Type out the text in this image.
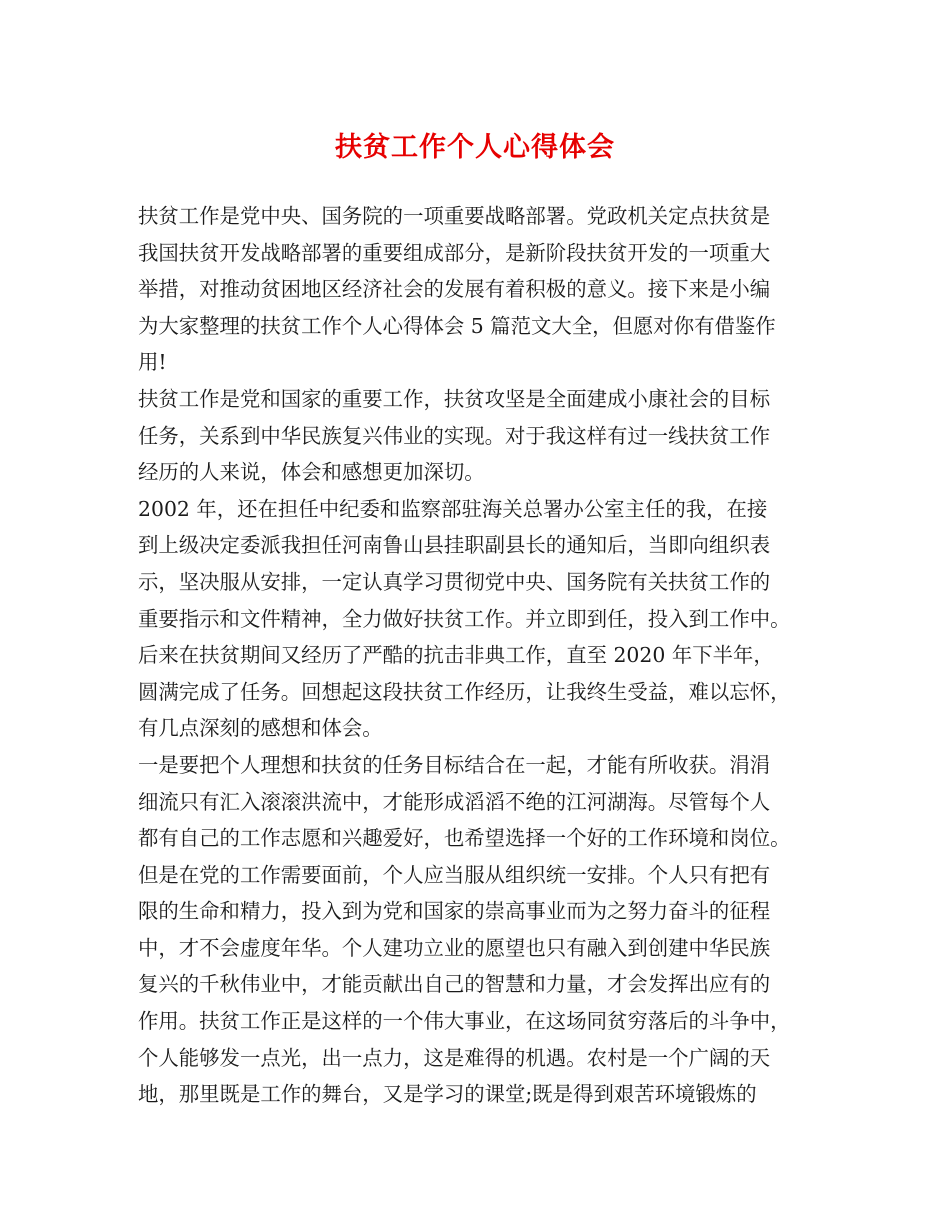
扶贫工作个人心得体会
扶贫工作是党中央、国务院的一项重要战略部署。党政机关定点扶贫是
我国扶贫开发战略部署的重要组成部分，是新阶段扶贫开发的一项重大
举措，对推动贫困地区经济社会的发展有着积极的意义。接下来是小编
为大家整理的扶贫工作个人心得体会 5 篇范文大全，但愿对你有借鉴作
用!
扶贫工作是党和国家的重要工作，扶贫攻坚是全面建成小康社会的目标
任务，关系到中华民族复兴伟业的实现。对于我这样有过一线扶贫工作
经历的人来说，体会和感想更加深切。
2002 年，还在担任中纪委和监察部驻海关总署办公室主任的我，在接
到上级决定委派我担任河南鲁山县挂职副县长的通知后，当即向组织表
示，坚决服从安排，一定认真学习贯彻党中央、国务院有关扶贫工作的
重要指示和文件精神，全力做好扶贫工作。并立即到任，投入到工作中。
后来在扶贫期间又经历了严酷的抗击非典工作，直至 2020 年下半年，
圆满完成了任务。回想起这段扶贫工作经历，让我终生受益，难以忘怀，
有几点深刻的感想和体会。
一是要把个人理想和扶贫的任务目标结合在一起，才能有所收获。涓涓
细流只有汇入滚滚洪流中，才能形成滔滔不绝的江河湖海。尽管每个人
都有自己的工作志愿和兴趣爱好，也希望选择一个好的工作环境和岗位。
但是在党的工作需要面前，个人应当服从组织统一安排。个人只有把有
限的生命和精力，投入到为党和国家的崇高事业而为之努力奋斗的征程
中，才不会虚度年华。个人建功立业的愿望也只有融入到创建中华民族
复兴的千秋伟业中，才能贡献出自己的智慧和力量，才会发挥出应有的
作用。扶贫工作正是这样的一个伟大事业，在这场同贫穷落后的斗争中，
个人能够发一点光，出一点力，这是难得的机遇。农村是一个广阔的天
地，那里既是工作的舞台，又是学习的课堂;既是得到艰苦环境锻炼的
